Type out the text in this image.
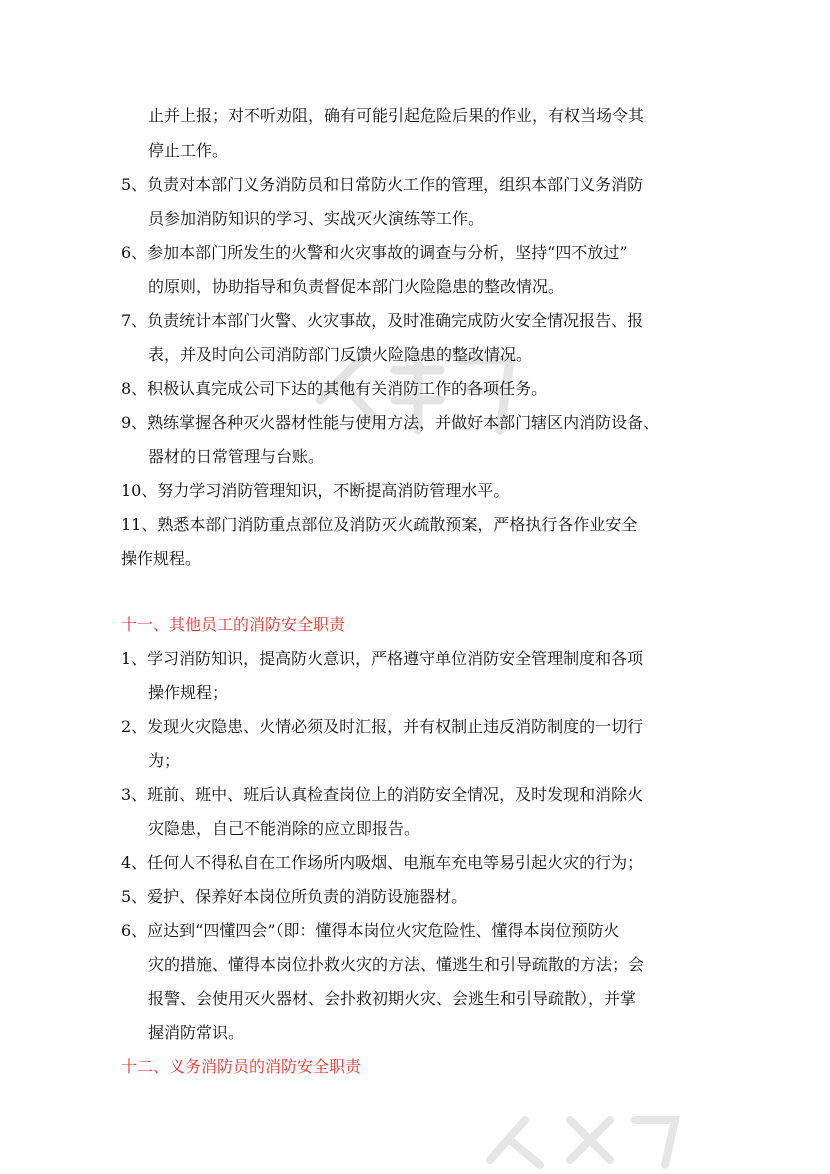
止并上报；对不听劝阻，确有可能引起危险后果的作业，有权当场令其
停止工作。
5、负责对本部门义务消防员和日常防火工作的管理，组织本部门义务消防
员参加消防知识的学习、实战灭火演练等工作。
6、参加本部门所发生的火警和火灾事故的调查与分析，坚持“四不放过”
的原则，协助指导和负责督促本部门火险隐患的整改情况。
7、负责统计本部门火警、火灾事故，及时准确完成防火安全情况报告、报
表，并及时向公司消防部门反馈火险隐患的整改情况。
8、积极认真完成公司下达的其他有关消防工作的各项任务。
9、熟练掌握各种灭火器材性能与使用方法，并做好本部门辖区内消防设备、
器材的日常管理与台账。
10、努力学习消防管理知识，不断提高消防管理水平。
11、熟悉本部门消防重点部位及消防灭火疏散预案，严格执行各作业安全
操作规程。
十一、其他员工的消防安全职责
1、学习消防知识，提高防火意识，严格遵守单位消防安全管理制度和各项
操作规程；
2、发现火灾隐患、火情必须及时汇报，并有权制止违反消防制度的一切行
为；
3、班前、班中、班后认真检查岗位上的消防安全情况，及时发现和消除火
灾隐患，自己不能消除的应立即报告。
4、任何人不得私自在工作场所内吸烟、电瓶车充电等易引起火灾的行为；
5、爱护、保养好本岗位所负责的消防设施器材。
6、应达到“四懂四会”（即：懂得本岗位火灾危险性、懂得本岗位预防火
灾的措施、懂得本岗位扑救火灾的方法、懂逃生和引导疏散的方法；会
报警、会使用灭火器材、会扑救初期火灾、会逃生和引导疏散），并掌
握消防常识。
十二、义务消防员的消防安全职责
